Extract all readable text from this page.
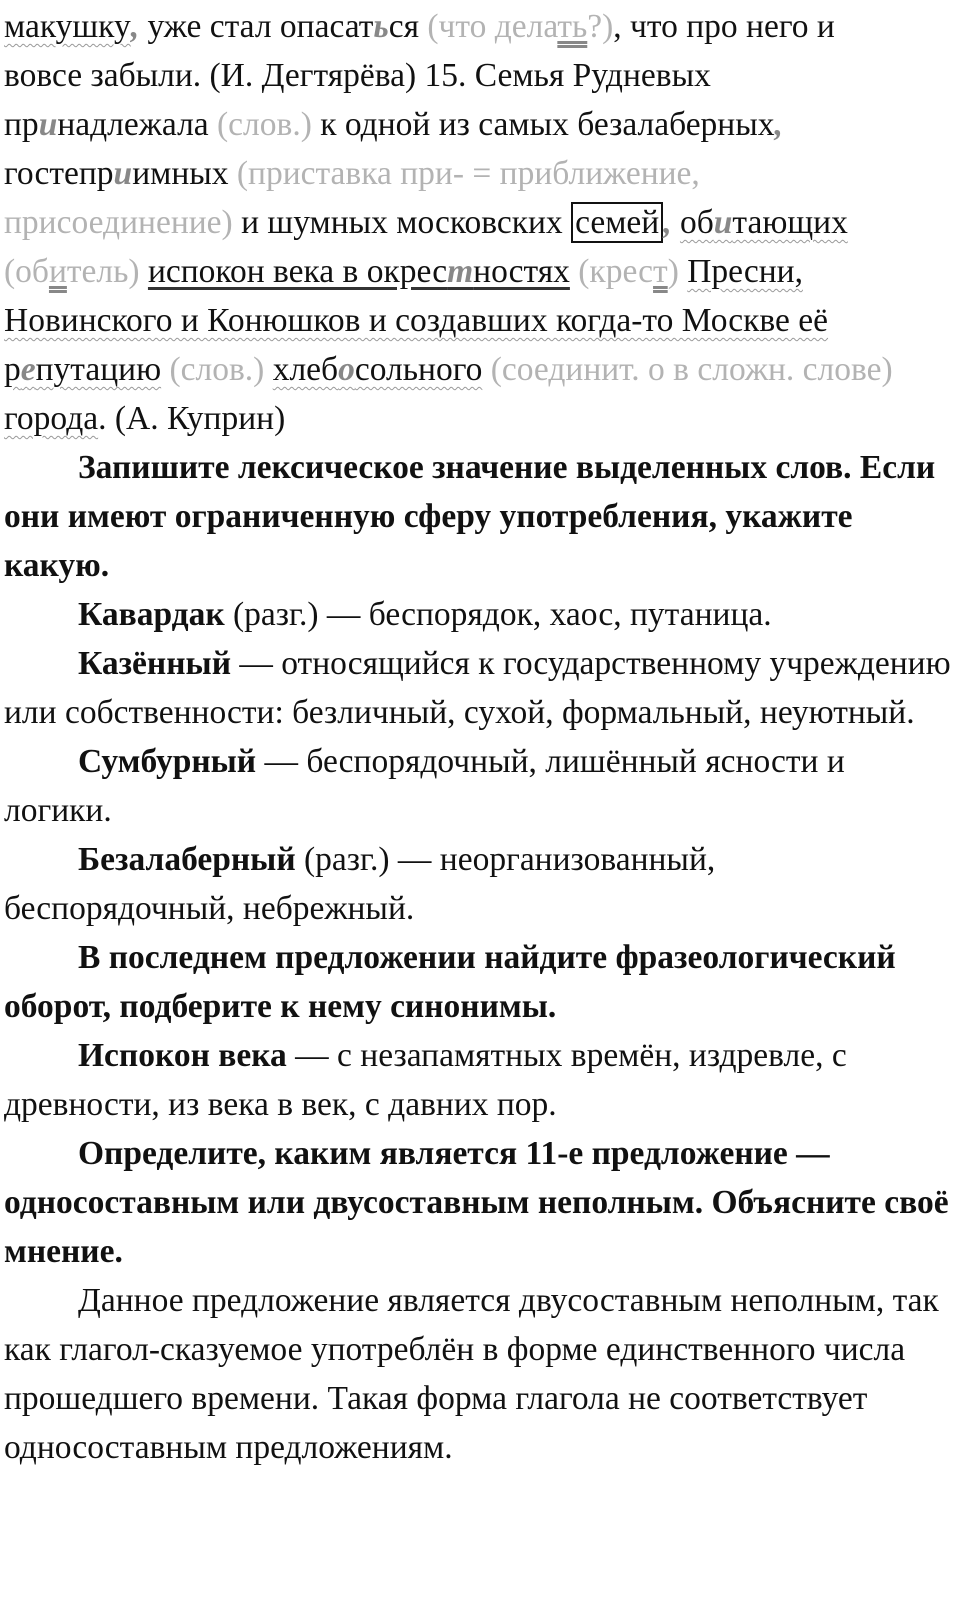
макушку, уже стал опасаться (что делать?), что про него и

вовсе забыли. (И. Дегтярёва) 15. Семья Рудневых

принадлежала (слов.) к одной из самых безалаберных,

гостеприимных (приставка при- = приближение,

присоединение) и шумных московских семей , обитающих

(обитель) испокон века в окрестностях (крест) Пресни,

Новинского и Конюшков и создавших когда-то Москве её

репутацию (слов.) хлебосольного (соединит. о в сложн. слове)

города. (А. Куприн)

Запишите лексическое значение выделенных слов. Если они имеют ограниченную сферу употребления, укажите какую.

Кавардак (разг.) — беспорядок, хаос, путаница.

Казённый — относящийся к государственному учреждению или собственности: безличный, сухой, формальный, неуютный.

Сумбурный — беспорядочный, лишённый ясности и логики.

Безалаберный (разг.) — неорганизованный, беспорядочный, небрежный.

В последнем предложении найдите фразеологический оборот, подберите к нему синонимы.

Испокон века — с незапамятных времён, издревле, с древности, из века в век, с давних пор.

Определите, каким является 11-е предложение — односоставным или двусоставным неполным. Объясните своё мнение.

Данное предложение является двусоставным неполным, так как глагол-сказуемое употреблён в форме единственного числа прошедшего времени. Такая форма глагола не соответствует односоставным предложениям.
